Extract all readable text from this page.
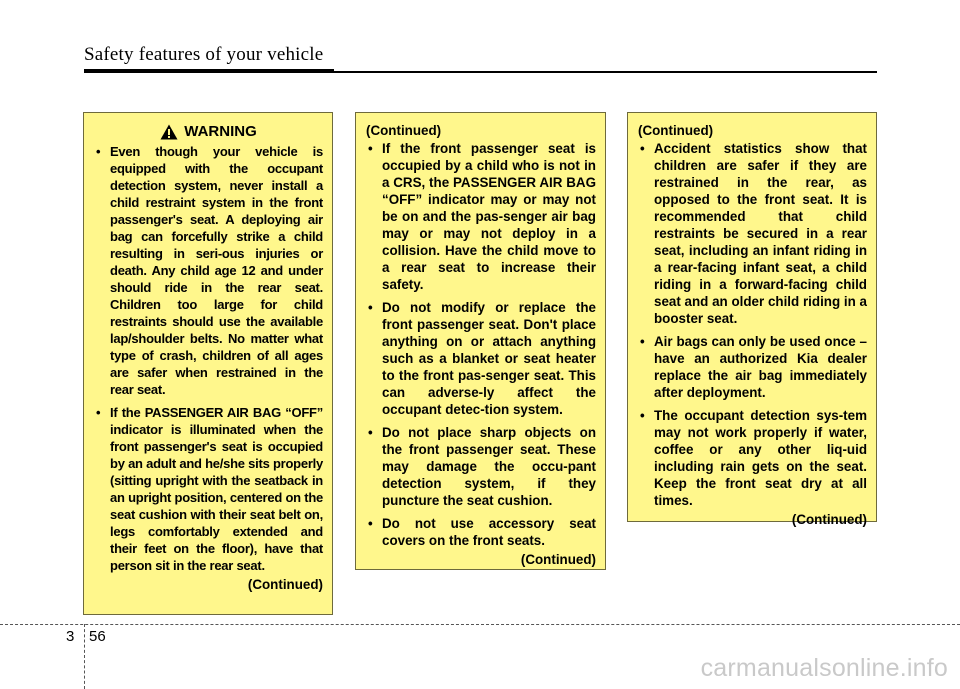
Safety features of your vehicle
WARNING
• Even though your vehicle is equipped with the occupant detection system, never install a child restraint system in the front passenger's seat. A deploying air bag can forcefully strike a child resulting in seri-ous injuries or death. Any child age 12 and under should ride in the rear seat. Children too large for child restraints should use the available lap/shoulder belts. No matter what type of crash, children of all ages are safer when restrained in the rear seat.
• If the PASSENGER AIR BAG “OFF” indicator is illuminated when the front passenger's seat is occupied by an adult and he/she sits properly (sitting upright with the seatback in an upright position, centered on the seat cushion with their seat belt on, legs comfortably extended and their feet on the floor), have that person sit in the rear seat.
(Continued)
(Continued)
• If the front passenger seat is occupied by a child who is not in a CRS, the PASSENGER AIR BAG “OFF” indicator may or may not be on and the pas-senger air bag may or may not deploy in a collision. Have the child move to a rear seat to increase their safety.
• Do not modify or replace the front passenger seat. Don't place anything on or attach anything such as a blanket or seat heater to the front pas-senger seat. This can adverse-ly affect the occupant detec-tion system.
• Do not place sharp objects on the front passenger seat. These may damage the occu-pant detection system, if they puncture the seat cushion.
• Do not use accessory seat covers on the front seats.
(Continued)
(Continued)
• Accident statistics show that children are safer if they are restrained in the rear, as opposed to the front seat. It is recommended that child restraints be secured in a rear seat, including an infant riding in a rear-facing infant seat, a child riding in a forward-facing child seat and an older child riding in a booster seat.
• Air bags can only be used once – have an authorized Kia dealer replace the air bag immediately after deployment.
• The occupant detection sys-tem may not work properly if water, coffee or any other liq-uid including rain gets on the seat. Keep the front seat dry at all times.
(Continued)
3 56
carmanualsonline.info
